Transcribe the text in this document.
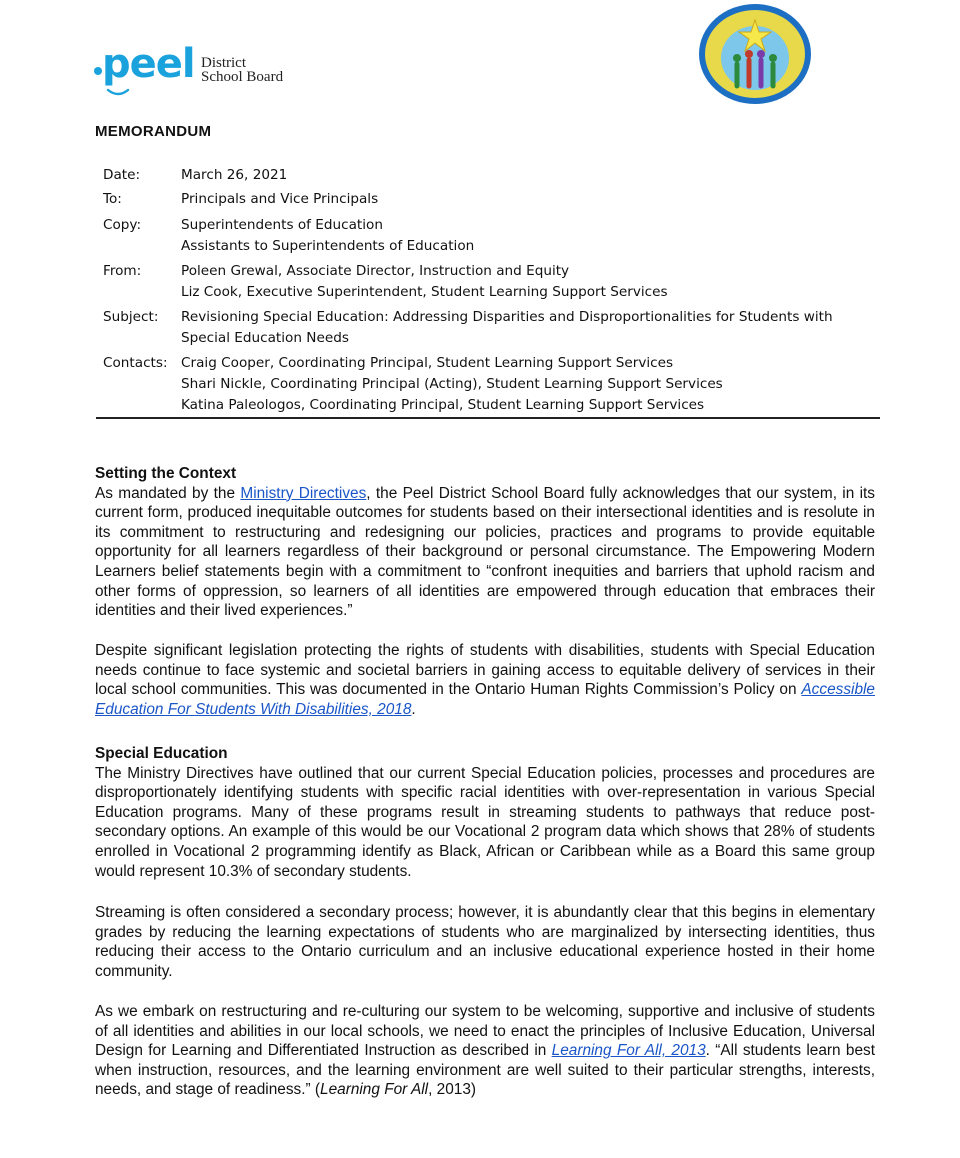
peel District
School Board
MEMORANDUM
Date:	March 26, 2021
To:	Principals and Vice Principals
Copy:	Superintendents of Education
Assistants to Superintendents of Education
From:	Poleen Grewal, Associate Director, Instruction and Equity
Liz Cook, Executive Superintendent, Student Learning Support Services
Subject: Revisioning Special Education: Addressing Disparities and Disproportionalities for Students with
Special Education Needs
Contacts: Craig Cooper, Coordinating Principal, Student Learning Support Services
Shari Nickle, Coordinating Principal (Acting), Student Learning Support Services
Katina Paleologos, Coordinating Principal, Student Learning Support Services
Setting the Context
As mandated by the Ministry Directives, the Peel District School Board fully acknowledges that our system, in its current form, produced inequitable outcomes for students based on their intersectional identities and is resolute in its commitment to restructuring and redesigning our policies, practices and programs to provide equitable opportunity for all learners regardless of their background or personal circumstance. The Empowering Modern Learners belief statements begin with a commitment to “confront inequities and barriers that uphold racism and other forms of oppression, so learners of all identities are empowered through education that embraces their identities and their lived experiences.”
Despite significant legislation protecting the rights of students with disabilities, students with Special Education needs continue to face systemic and societal barriers in gaining access to equitable delivery of services in their local school communities. This was documented in the Ontario Human Rights Commission’s Policy on Accessible Education For Students With Disabilities, 2018.
Special Education
The Ministry Directives have outlined that our current Special Education policies, processes and procedures are disproportionately identifying students with specific racial identities with over-representation in various Special Education programs. Many of these programs result in streaming students to pathways that reduce post-secondary options. An example of this would be our Vocational 2 program data which shows that 28% of students enrolled in Vocational 2 programming identify as Black, African or Caribbean while as a Board this same group would represent 10.3% of secondary students.
Streaming is often considered a secondary process; however, it is abundantly clear that this begins in elementary grades by reducing the learning expectations of students who are marginalized by intersecting identities, thus reducing their access to the Ontario curriculum and an inclusive educational experience hosted in their home community.
As we embark on restructuring and re-culturing our system to be welcoming, supportive and inclusive of students of all identities and abilities in our local schools, we need to enact the principles of Inclusive Education, Universal Design for Learning and Differentiated Instruction as described in Learning For All, 2013. “All students learn best when instruction, resources, and the learning environment are well suited to their particular strengths, interests, needs, and stage of readiness.” (Learning For All, 2013)
